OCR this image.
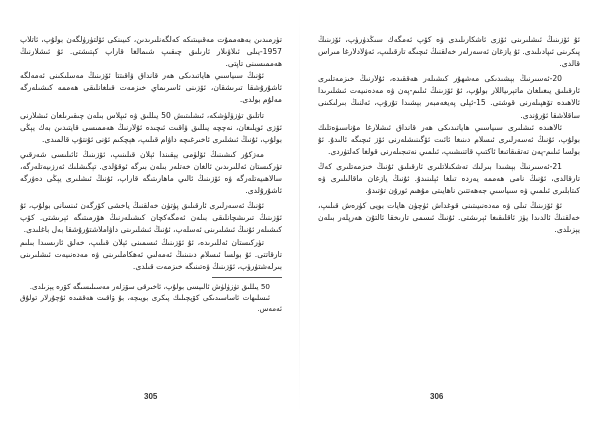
تۈرمىدىن بەھەممۇت مەقىيىتىكە كەلگەنلىرىدىن، كىيىنكى ئۆلتۈرۈلگەن بولۇپ، ئاتلاپ 1957-يىلى ئىلاۋىلار ئارىلىق چىقىپ شىمالغا قاراپ كېتىشتى. ئۇ ئىشلارنىڭ ھەممىسىنى تاپتى.

ئۇنىڭ سىياسىي ھاياتىدىكى ھەر قانداق ۋاقىتتا ئۆزىنىڭ مەسلىكىنى ئەمەلگە ئاشۇرۇشقا تىرىشقان، ئۆزىنى ئاسرىماي خىزمەت قىلغانلىقى ھەممە كىشىلەرگە مەلۇم بولدى.

تاتلىق تۈزۈلۈشكە، ئىشلىتىش 50 يىللىق ۋە ئىپلاس بىلەن چىقىرىلغان ئىشلارنى ئۆزى ئويلىغان، نەچچە يىللىق ۋاقىت ئىچىدە ئۇلارنىڭ ھەممىسى قايتىدىن بەك يېڭى بولۇپ، ئۇنىڭ ئىشلىرى ئاخىرغىچە داۋام قىلىپ، ھېچكىم ئۇنى ئۇنتۇپ قالمىدى.

مەزكۇر كىشىنىڭ ئۆلۈمى يېقىندا ئېلان قىلىنىپ، ئۆزىنىڭ ئائىلىسى شەرقىي تۈركىستان ئەللىرىدىن ئالغان خەتلەر بىلەن بىرگە ئوقۇلدى. تېگىشلىك ئەرزىيەتلەرگە، سالاھىيەتلەرگە ۋە ئۆزىنىڭ ئالىي ماھارىتىگە قاراپ، ئۇنىڭ ئىشلىرى يېڭى دەۋرگە ئاشۇرۇلدى.

ئۇنىڭ ئەسەرلىرى ئارقىلىق پۈتۈن خەلقنىڭ ياخشى كۆرگەن ئىنسانى بولۇپ، ئۇ ئۆزىنىڭ تىرىشچانلىقى بىلەن ئەمگەكچان كىشىلەرنىڭ ھۆرمىتىگە ئېرىشتى. كۆپ كىشىلەر ئۇنىڭ ئىشلىرىنى ئەسلەپ، ئۇنىڭ ئىشلىرىنى داۋاملاشتۇرۇشقا بەل باغلىدى.

تۈركىستان ئەللىرىدە، ئۇ ئۆزىنىڭ ئىسمىنى ئېلان قىلىپ، خەلق ئارىسىدا بىلىم تارقاتتى. ئۇ بولسا ئىسلام دىنىنىڭ ئەمەلىي ئەھكاملىرىنى ۋە مەدەنىيەت ئىشلىرىنى بىرلەشتۈرۈپ، ئۆزىنىڭ ۋەتىنىگە خىزمەت قىلدى.

50 يىللىق تۈزۈلۈش ئالىيسى بولۇپ، ئاخىرقى سۆزلەر مەسىلىسىگە كۆرە يېزىلدى.

ئىسلىھات ئاساسىدىكى كۆپچىلىك پىكرى بويىچە، بۇ ۋاقىت ھەققىدە ئۇچۇرلار تولۇق ئەمەس.

ئۇ ئۆزىنىڭ ئىشلىرىنى ئۆزى ئاشكارىلىدى ۋە كۆپ ئەمگەك سىڭدۈرۈپ، ئۆزىنىڭ پىكرىنى ئىپادىلىدى. ئۇ يازغان ئەسەرلەر خەلقنىڭ ئىچىگە تارقىلىپ، ئەۋلادلارغا مىراس قالدى.

20-ئەسىرنىڭ بېشىدىكى مەشھۇر كىشىلەر ھەققىدە، ئۇلارنىڭ خىزمەتلىرى ئارقىلىق يىغىلغان ماتېرىياللار بولۇپ، ئۇ ئۆزىنىڭ ئىلىم-پەن ۋە مەدەنىيەت ئىشلىرىدا ئالاھىدە تۆھپىلەرنى قوشتى. 15-ئېلى پەيغەمبەر بېشىدا تۇرۇپ، ئەلنىڭ بىرلىكىنى ساقلاشقا ئۇرۇندى.

ئالاھىدە ئىشلىرى سىياسىي ھاياتىدىكى ھەر قانداق ئىشلارغا مۇناسىۋەتلىك بولۇپ، ئۇنىڭ ئەسەرلىرى ئىسلام دىنىغا ئائىت ئۆگىنىشلەرنى ئۆز ئىچىگە ئالىدۇ. ئۇ بولسا ئىلىم-پەن تەتقىقاتىغا ئاكتىپ قاتنىشىپ، ئىلمىي نەتىجىلەرنى قولغا كەلتۈردى.

21-ئەسىرنىڭ بېشىدا بىرلىك تەشكىلاتلىرى ئارقىلىق ئۇنىڭ خىزمەتلىرى كەڭ تارقالدى، ئۇنىڭ نامى ھەممە يەردە تىلغا ئېلىنىدۇ. ئۇنىڭ يازغان ماقالىلىرى ۋە كىتابلىرى ئىلمىي ۋە سىياسىي جەھەتتىن ناھايىتى مۇھىم ئورۇن تۇتىدۇ.

ئۇ ئۆزىنىڭ تىلى ۋە مەدەنىيىتىنى قوغداش ئۈچۈن ھايات بويى كۈرەش قىلىپ، خەلقنىڭ ئالدىدا يۈز ئاقلىقىغا ئېرىشتى. ئۇنىڭ ئىسمى تارىخقا ئالتۇن ھەرپلەر بىلەن يېزىلدى.

305	306
